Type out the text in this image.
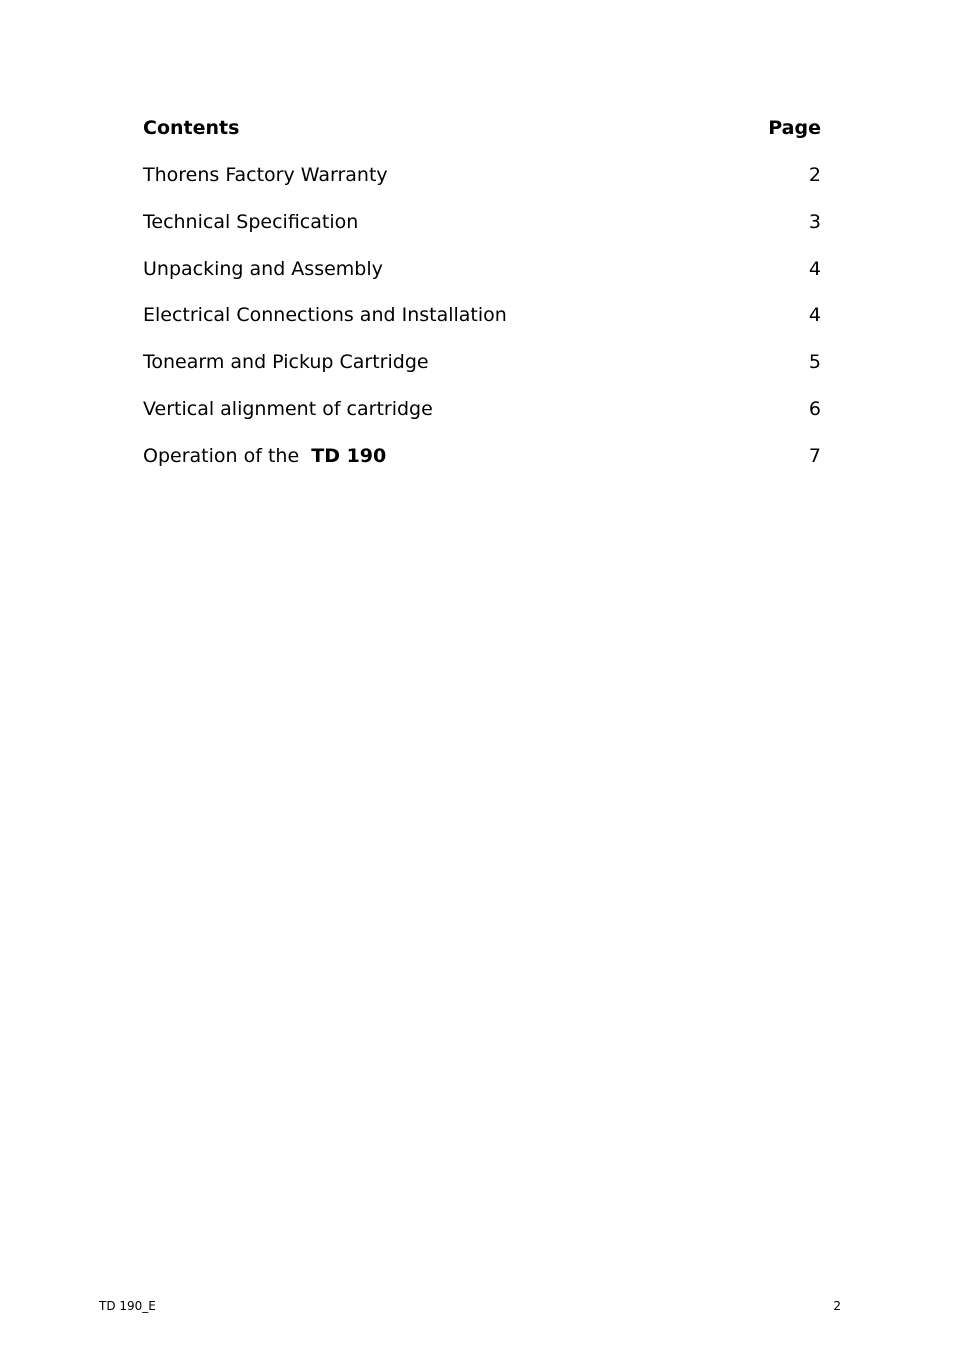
Contents	Page
Thorens Factory Warranty	2
Technical Specification	3
Unpacking and Assembly	4
Electrical Connections and Installation	4
Tonearm and Pickup Cartridge	5
Vertical alignment of cartridge	6
Operation of the TD 190	7
TD 190_E	2
